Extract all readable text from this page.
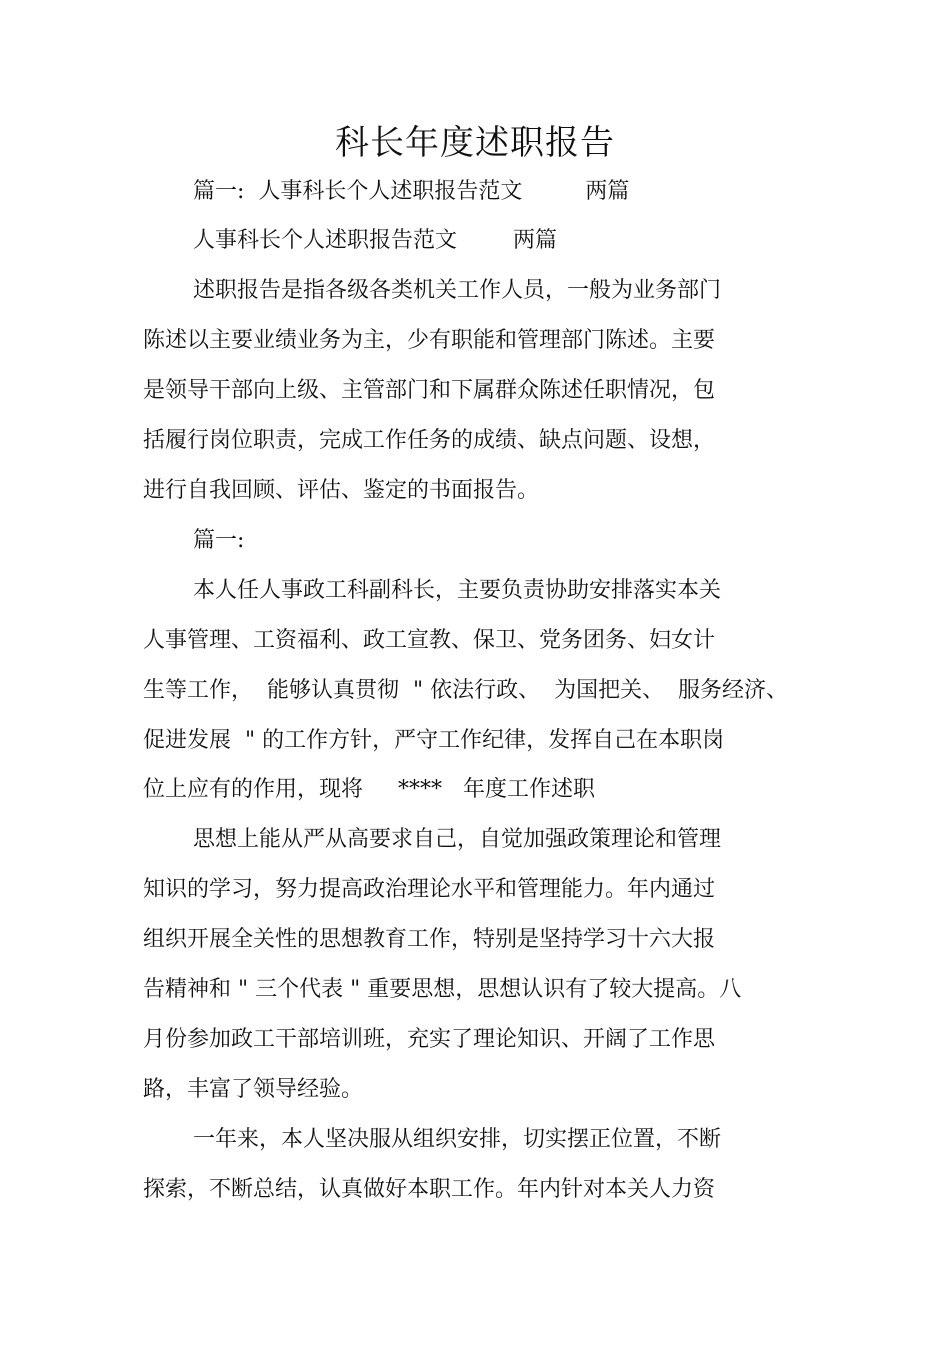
科长年度述职报告

篇一:  人事科长个人述职报告范文         两篇

人事科长个人述职报告范文        两篇

述职报告是指各级各类机关工作人员，一般为业务部门

陈述以主要业绩业务为主，少有职能和管理部门陈述。主要

是领导干部向上级、主管部门和下属群众陈述任职情况，包

括履行岗位职责，完成工作任务的成绩、缺点问题、设想，

进行自我回顾、评估、鉴定的书面报告。

篇一:

本人任人事政工科副科长，主要负责协助安排落实本关

人事管理、工资福利、政工宣教、保卫、党务团务、妇女计

生等工作，  能够认真贯彻  " 依法行政、  为国把关、  服务经济、

促进发展  " 的工作方针，严守工作纪律，发挥自己在本职岗

位上应有的作用，现将     ****   年度工作述职

思想上能从严从高要求自己，自觉加强政策理论和管理

知识的学习，努力提高政治理论水平和管理能力。年内通过

组织开展全关性的思想教育工作，特别是坚持学习十六大报

告精神和 " 三个代表 " 重要思想，思想认识有了较大提高。八

月份参加政工干部培训班，充实了理论知识、开阔了工作思

路，丰富了领导经验。

一年来，本人坚决服从组织安排，切实摆正位置，不断

探索，不断总结，认真做好本职工作。年内针对本关人力资
